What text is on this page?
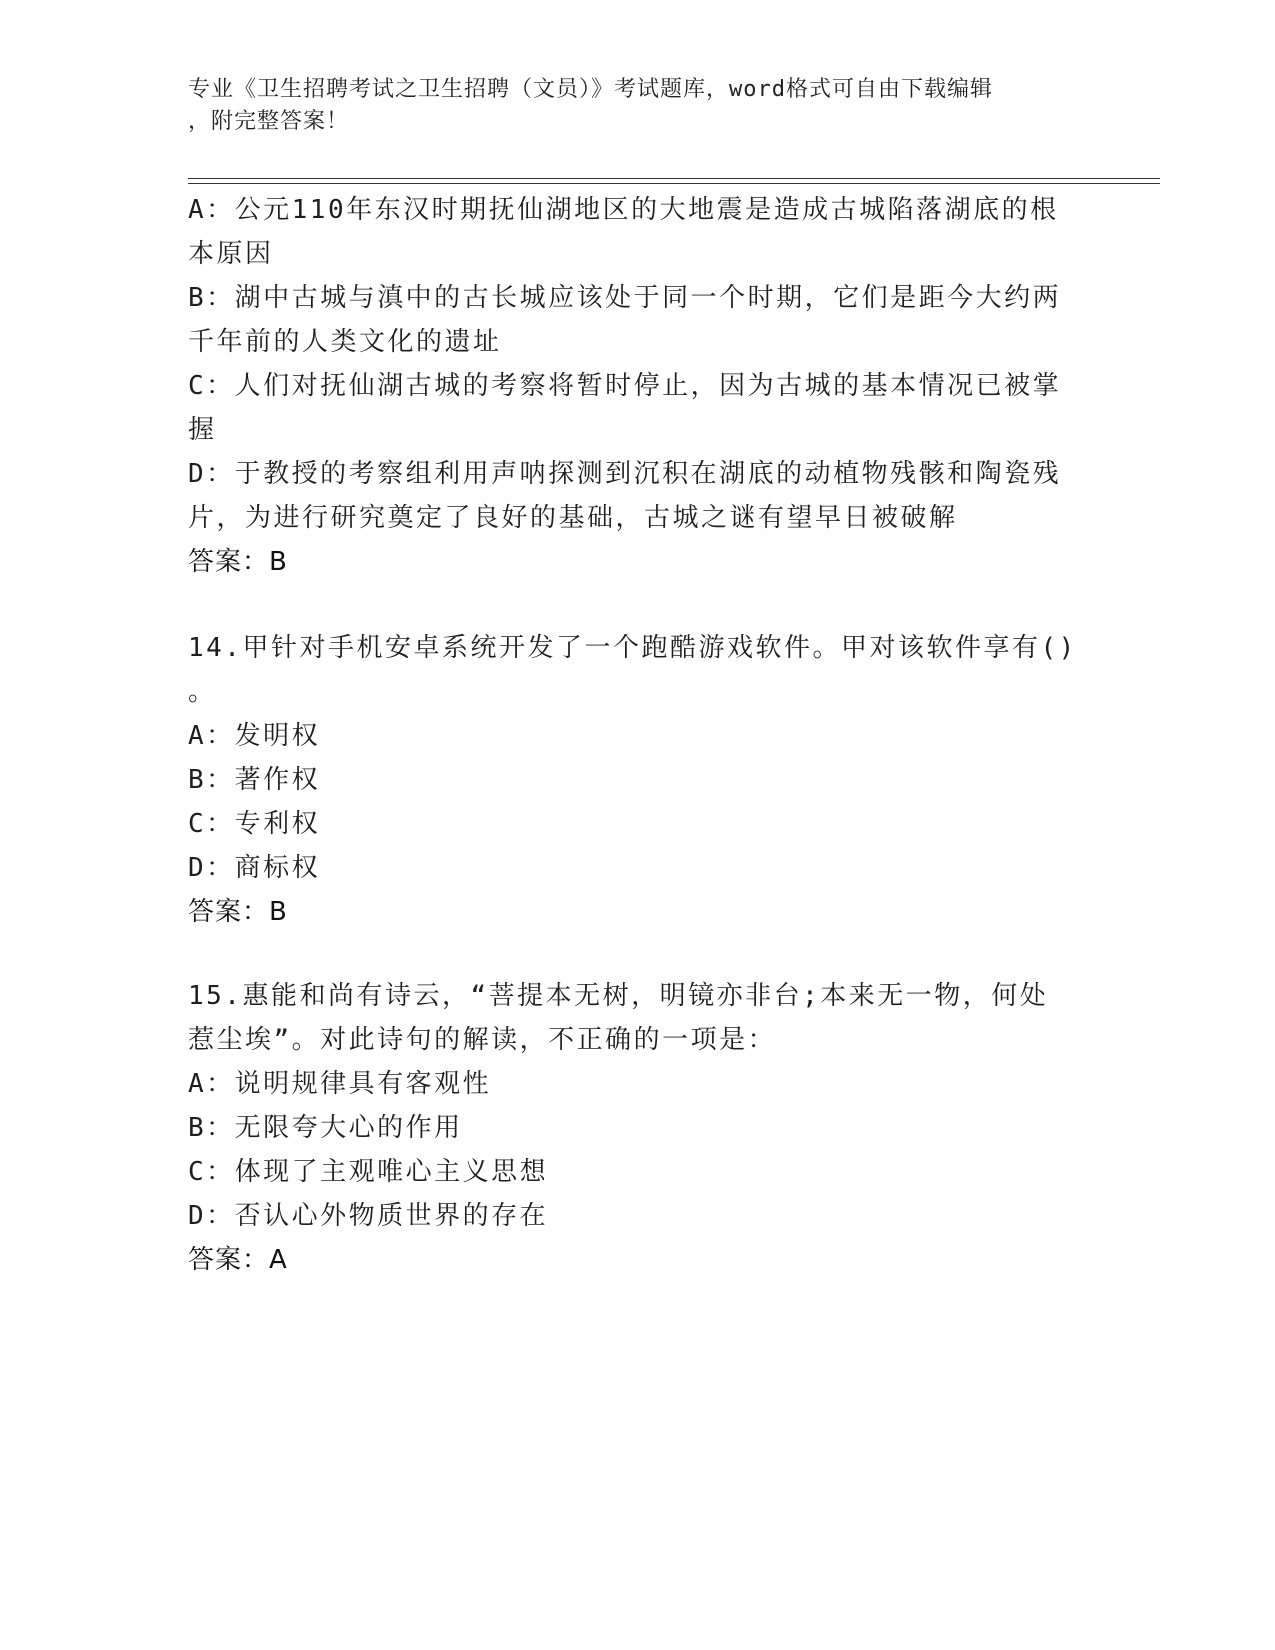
专业《卫生招聘考试之卫生招聘（文员）》考试题库，word格式可自由下载编辑
，附完整答案！
A：公元110年东汉时期抚仙湖地区的大地震是造成古城陷落湖底的根
本原因
B：湖中古城与滇中的古长城应该处于同一个时期，它们是距今大约两
千年前的人类文化的遗址
C：人们对抚仙湖古城的考察将暂时停止，因为古城的基本情况已被掌
握
D：于教授的考察组利用声呐探测到沉积在湖底的动植物残骸和陶瓷残
片，为进行研究奠定了良好的基础，古城之谜有望早日被破解
答案：B
14.甲针对手机安卓系统开发了一个跑酷游戏软件。甲对该软件享有()
。
A：发明权
B：著作权
C：专利权
D：商标权
答案：B
15.惠能和尚有诗云，“菩提本无树，明镜亦非台;本来无一物，何处
惹尘埃”。对此诗句的解读，不正确的一项是：
A：说明规律具有客观性
B：无限夸大心的作用
C：体现了主观唯心主义思想
D：否认心外物质世界的存在
答案：A
